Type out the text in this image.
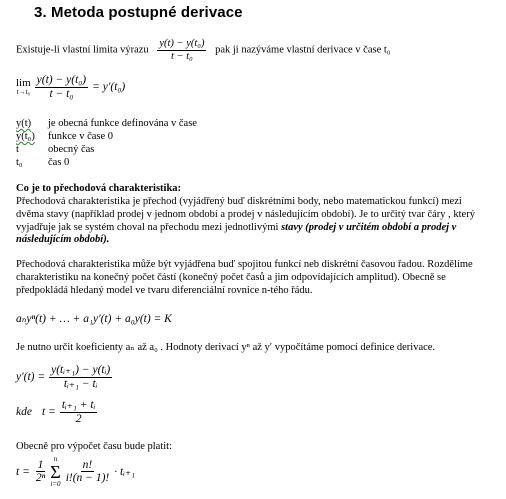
3. Metoda postupné derivace
Existuje-li vlastní limita výrazu $\frac{\text{y(t) − y(t₀)}}{\text{t − t₀}}$ pak ji nazýváme vlastní derivace v čase t₀
lim
$t\to t_0 \frac{\text{y(t) − y(t₀)}}{\text{t − t₀}} = y'(t_0)$
y(t)	je obecná funkce definována v čase
y(t₀)	funkce v čase 0
t	obecný čas
t₀	čas 0
Co je to přechodová charakteristika:
Přechodová charakteristika je přechod (vyjádřený buď diskrétními body, nebo matematickou funkcí) mezi dvěma stavy (například prodej v jednom období a prodej v následujícím období). Je to určitý tvar čáry , který vyjadřuje jak se systém choval na přechodu mezi jednotlivými stavy (prodej v určitém období a prodej v následujícím období).
Přechodová charakteristika může být vyjádřena buď spojitou funkcí neb diskrétní časovou řadou. Rozdělíme charakteristiku na konečný počet částí (konečný počet časů a jim odpovídajících amplitud). Obecně se předpokládá hledaný model ve tvaru diferenciální rovnice n-tého řádu.
aₙyⁿ(t) + … + a₁y′(t) + a₀y(t) = K
Je nutno určit koeficienty aₙ až a₀ . Hodnoty derivací yⁿ až y′ vypočítáme pomocí definice derivace.
$y'(t) = \frac{\text{y(tᵢ₊₁) − y(tᵢ)}}{\text{tᵢ₊₁ − tᵢ}}$
kde $t = \frac{\text{tᵢ₊₁ + tᵢ}}{2}$
Obecně pro výpočet času bude platit:
$t = \frac{1}{\text{2ⁿ}}$ n
Σ
$i=0 \frac{n!}{i!(n - 1)!}$ · tᵢ₊₁
